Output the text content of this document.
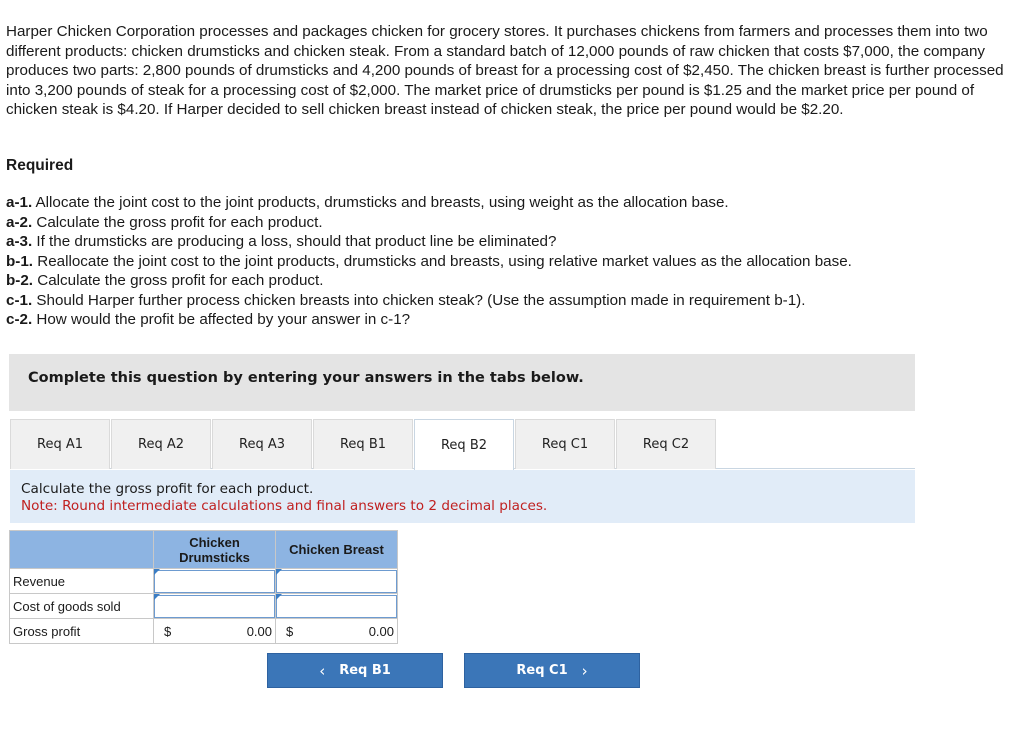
Harper Chicken Corporation processes and packages chicken for grocery stores. It purchases chickens from farmers and processes them into two different products: chicken drumsticks and chicken steak. From a standard batch of 12,000 pounds of raw chicken that costs $7,000, the company produces two parts: 2,800 pounds of drumsticks and 4,200 pounds of breast for a processing cost of $2,450. The chicken breast is further processed into 3,200 pounds of steak for a processing cost of $2,000. The market price of drumsticks per pound is $1.25 and the market price per pound of chicken steak is $4.20. If Harper decided to sell chicken breast instead of chicken steak, the price per pound would be $2.20.
Required
a-1. Allocate the joint cost to the joint products, drumsticks and breasts, using weight as the allocation base.
a-2. Calculate the gross profit for each product.
a-3. If the drumsticks are producing a loss, should that product line be eliminated?
b-1. Reallocate the joint cost to the joint products, drumsticks and breasts, using relative market values as the allocation base.
b-2. Calculate the gross profit for each product.
c-1. Should Harper further process chicken breasts into chicken steak? (Use the assumption made in requirement b-1).
c-2. How would the profit be affected by your answer in c-1?
Complete this question by entering your answers in the tabs below.
Req A1	Req A2	Req A3	Req B1	Req B2	Req C1	Req C2
Calculate the gross profit for each product.
Note: Round intermediate calculations and final answers to 2 decimal places.
	Chicken Drumsticks	Chicken Breast
Revenue	

Cost of goods sold	

Gross profit	$ 0.00	$ 0.00
‹ Req B1	Req C1 ›
